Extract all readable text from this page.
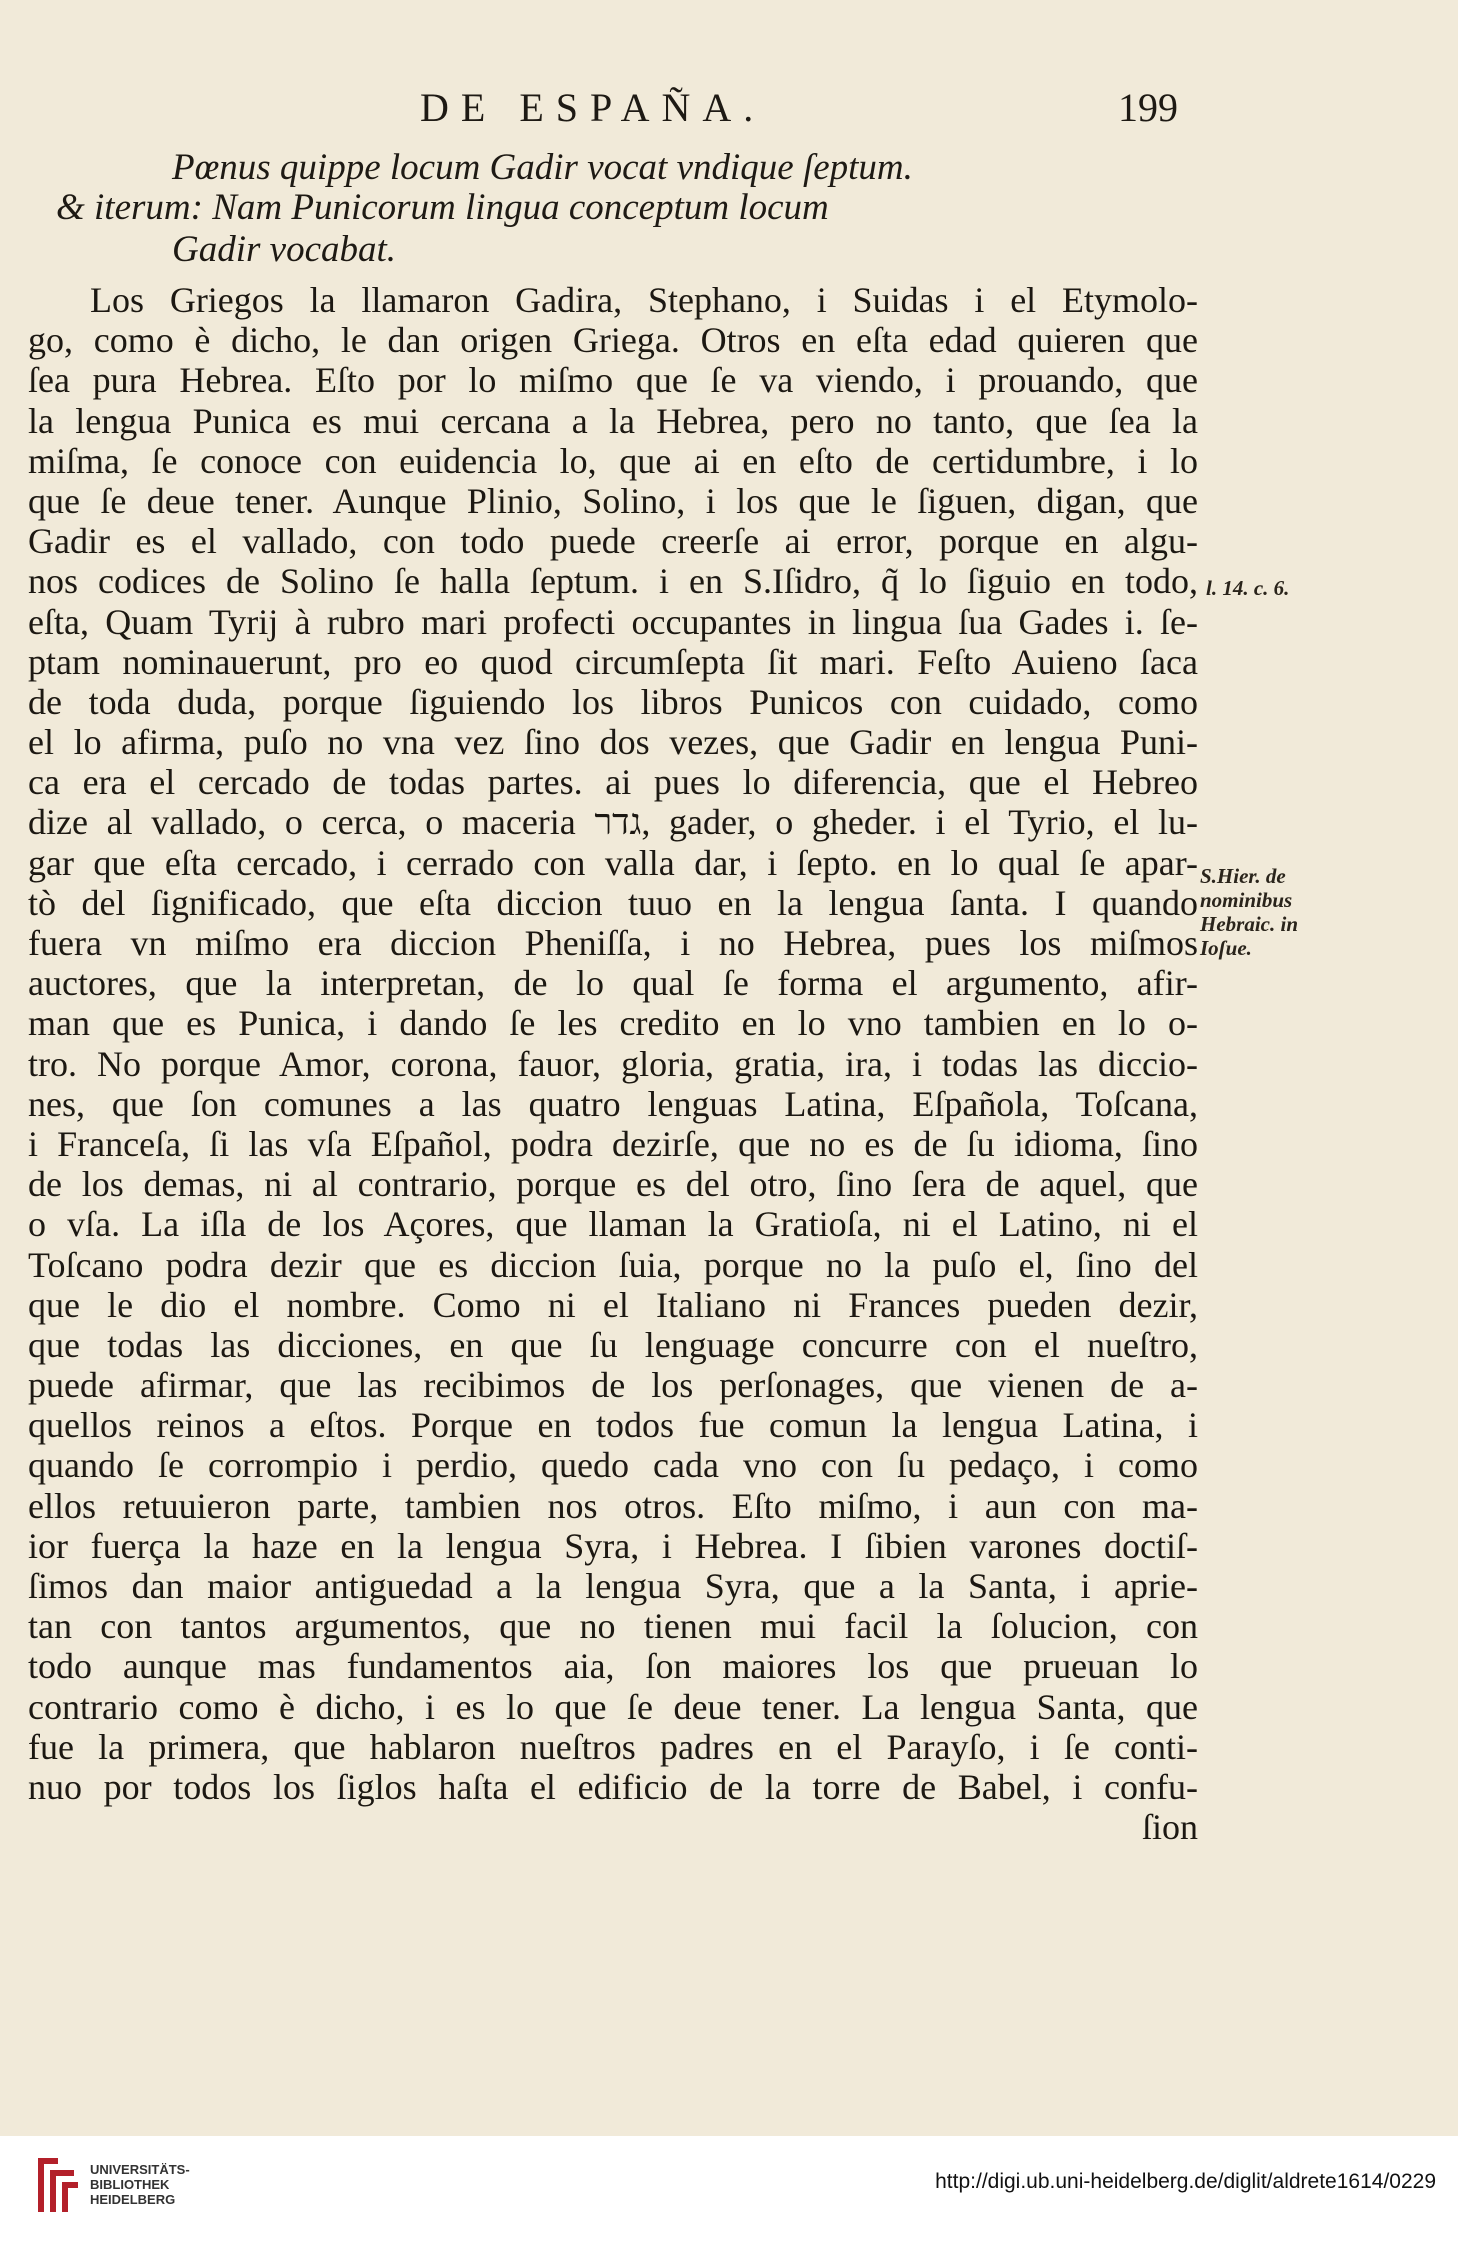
DE ESPAÑA.	199
Pœnus quippe locum Gadir vocat vndique ſeptum.
& iterum: Nam Punicorum lingua conceptum locum
Gadir vocabat.
Los Griegos la llamaron Gadira, Stephano, i Suidas i el Etymolo-
go, como è dicho, le dan origen Griega. Otros en eſta edad quieren que
ſea pura Hebrea. Eſto por lo miſmo que ſe va viendo, i prouando, que
la lengua Punica es mui cercana a la Hebrea, pero no tanto, que ſea la
miſma, ſe conoce con euidencia lo, que ai en eſto de certidumbre, i lo
que ſe deue tener. Aunque Plinio, Solino, i los que le ſiguen, digan, que
Gadir es el vallado, con todo puede creerſe ai error, porque en algu-
nos codices de Solino ſe halla ſeptum. i en S.Iſidro, q̃ lo ſiguio en todo,
eſta, Quam Tyrij à rubro mari profecti occupantes in lingua ſua Gades i. ſe-
ptam nominauerunt, pro eo quod circumſepta ſit mari. Feſto Auieno ſaca
de toda duda, porque ſiguiendo los libros Punicos con cuidado, como
el lo afirma, puſo no vna vez ſino dos vezes, que Gadir en lengua Puni-
ca era el cercado de todas partes. ai pues lo diferencia, que el Hebreo
dize al vallado, o cerca, o maceria גדר, gader, o gheder. i el Tyrio, el lu-
gar que eſta cercado, i cerrado con valla dar, i ſepto. en lo qual ſe apar-
tò del ſignificado, que eſta diccion tuuo en la lengua ſanta. I quando
fuera vn miſmo era diccion Pheniſſa, i no Hebrea, pues los miſmos
auctores, que la interpretan, de lo qual ſe forma el argumento, afir-
man que es Punica, i dando ſe les credito en lo vno tambien en lo o-
tro. No porque Amor, corona, fauor, gloria, gratia, ira, i todas las diccio-
nes, que ſon comunes a las quatro lenguas Latina, Eſpañola, Toſcana,
i Franceſa, ſi las vſa Eſpañol, podra dezirſe, que no es de ſu idioma, ſino
de los demas, ni al contrario, porque es del otro, ſino ſera de aquel, que
o vſa. La iſla de los Açores, que llaman la Gratioſa, ni el Latino, ni el
Toſcano podra dezir que es diccion ſuia, porque no la puſo el, ſino del
que le dio el nombre. Como ni el Italiano ni Frances pueden dezir,
que todas las dicciones, en que ſu lenguage concurre con el nueſtro,
puede afirmar, que las recibimos de los perſonages, que vienen de a-
quellos reinos a eſtos. Porque en todos fue comun la lengua Latina, i
quando ſe corrompio i perdio, quedo cada vno con ſu pedaço, i como
ellos retuuieron parte, tambien nos otros. Eſto miſmo, i aun con ma-
ior fuerça la haze en la lengua Syra, i Hebrea. I ſibien varones doctiſ-
ſimos dan maior antiguedad a la lengua Syra, que a la Santa, i aprie-
tan con tantos argumentos, que no tienen mui facil la ſolucion, con
todo aunque mas fundamentos aia, ſon maiores los que prueuan lo
contrario como è dicho, i es lo que ſe deue tener. La lengua Santa, que
fue la primera, que hablaron nueſtros padres en el Parayſo, i ſe conti-
nuo por todos los ſiglos haſta el edificio de la torre de Babel, i confu-
ſion
l. 14. c. 6.
S.Hier. de nominibus Hebraic. in Ioſue.
UNIVERSITÄTS-
BIBLIOTHEK
HEIDELBERG
http://digi.ub.uni-heidelberg.de/diglit/aldrete1614/0229
